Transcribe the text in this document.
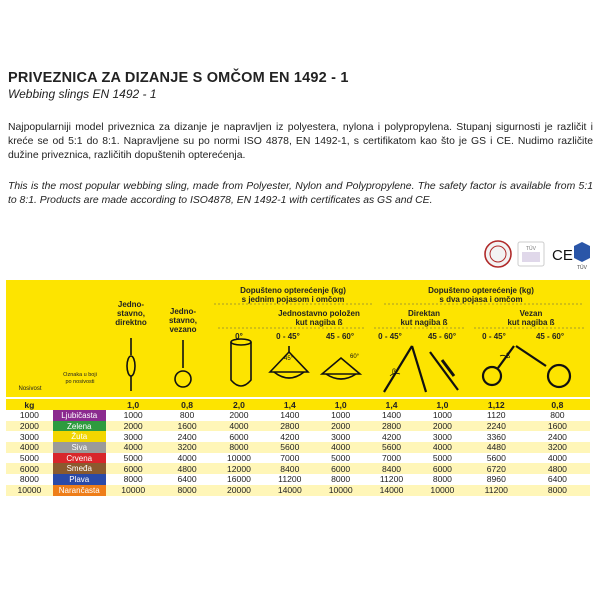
PRIVEZNICA ZA DIZANJE S OMČOM EN 1492 - 1
Webbing slings EN 1492 - 1
Najpopularniji model priveznica za dizanje je napravljen iz polyestera, nylona i polypropylena. Stupanj sigurnosti je različit i kreće se od 5:1 do 8:1. Napravljene su po normi ISO 4878, EN 1492-1, s certifikatom kao što je GS i CE. Nudimo različite dužine priveznica, različitih dopuštenih opterećenja.
This is the most popular webbing sling, made from Polyester, Nylon and Polypropylene. The safety factor is available from 5:1 to 8:1. Products are made according to ISO4878, EN 1492-1 with certificates as GS and CE.
TÜV CE
TÜV
Jedno-
stavno,
direktno
Jedno-
stavno,
vezano
Dopušteno opterećenje (kg)
s jednim pojasom i omčom
Jednostavno položen
kut nagiba ß
0°	0 - 45°	45 - 60°
Dopušteno opterećenje (kg)
s dva pojasa i omčom
Direktan
kut nagiba ß
Vezan
kut nagiba ß
0 - 45°	45 - 60°	0 - 45°	45 - 60°
Oznaka u boji
po nosivosti
Nosivost
45°	60°
ß
ß
kg		1,0	0,8	2,0	1,4	1,0	1,4	1,0	1,12	0,8
1000	Ljubičasta	1000	800	2000	1400	1000	1400	1000	1120	800
2000	Zelena	2000	1600	4000	2800	2000	2800	2000	2240	1600
3000	Žuta	3000	2400	6000	4200	3000	4200	3000	3360	2400
4000	Siva	4000	3200	8000	5600	4000	5600	4000	4480	3200
5000	Crvena	5000	4000	10000	7000	5000	7000	5000	5600	4000
6000	Smeđa	6000	4800	12000	8400	6000	8400	6000	6720	4800
8000	Plava	8000	6400	16000	11200	8000	11200	8000	8960	6400
10000	Narančasta	10000	8000	20000	14000	10000	14000	10000	11200	8000
